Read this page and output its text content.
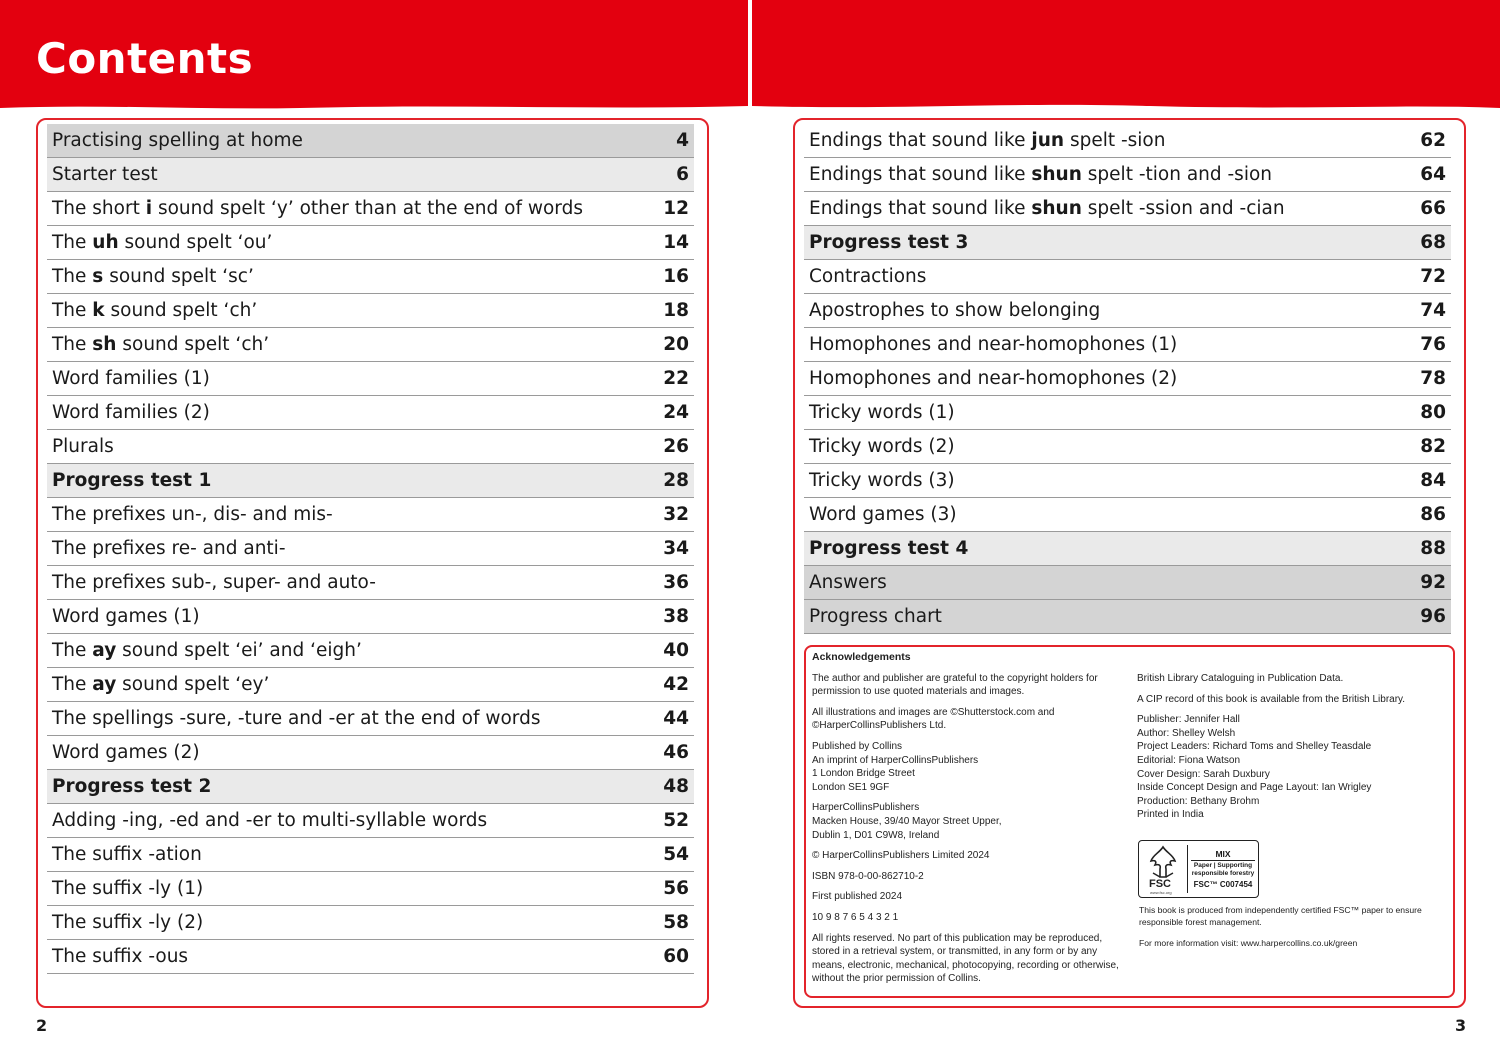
Contents
Practising spelling at home	4
Starter test	6
The short i sound spelt ‘y’ other than at the end of words	12
The uh sound spelt ‘ou’	14
The s sound spelt ‘sc’	16
The k sound spelt ‘ch’	18
The sh sound spelt ‘ch’	20
Word families (1)	22
Word families (2)	24
Plurals	26
Progress test 1	28
The prefixes un-, dis- and mis-	32
The prefixes re- and anti-	34
The prefixes sub-, super- and auto-	36
Word games (1)	38
The ay sound spelt ‘ei’ and ‘eigh’	40
The ay sound spelt ‘ey’	42
The spellings -sure, -ture and -er at the end of words	44
Word games (2)	46
Progress test 2	48
Adding -ing, -ed and -er to multi-syllable words	52
The suffix -ation	54
The suffix -ly (1)	56
The suffix -ly (2)	58
The suffix -ous	60
Endings that sound like jun spelt -sion	62
Endings that sound like shun spelt -tion and -sion	64
Endings that sound like shun spelt -ssion and -cian	66
Progress test 3	68
Contractions	72
Apostrophes to show belonging	74
Homophones and near-homophones (1)	76
Homophones and near-homophones (2)	78
Tricky words (1)	80
Tricky words (2)	82
Tricky words (3)	84
Word games (3)	86
Progress test 4	88
Answers	92
Progress chart	96
Acknowledgements
The author and publisher are grateful to the copyright holders for permission to use quoted materials and images.
All illustrations and images are ©Shutterstock.com and ©HarperCollinsPublishers Ltd.
Published by Collins
An imprint of HarperCollinsPublishers
1 London Bridge Street
London SE1 9GF
HarperCollinsPublishers
Macken House, 39/40 Mayor Street Upper,
Dublin 1, D01 C9W8, Ireland
© HarperCollinsPublishers Limited 2024
ISBN 978-0-00-862710-2
First published 2024
10 9 8 7 6 5 4 3 2 1
All rights reserved. No part of this publication may be reproduced, stored in a retrieval system, or transmitted, in any form or by any means, electronic, mechanical, photocopying, recording or otherwise, without the prior permission of Collins.
British Library Cataloguing in Publication Data.
A CIP record of this book is available from the British Library.
Publisher: Jennifer Hall
Author: Shelley Welsh
Project Leaders: Richard Toms and Shelley Teasdale
Editorial: Fiona Watson
Cover Design: Sarah Duxbury
Inside Concept Design and Page Layout: Ian Wrigley
Production: Bethany Brohm
Printed in India
FSC
www.fsc.org
MIX
Paper | Supporting
responsible forestry
FSC™ C007454
This book is produced from independently certified FSC™ paper to ensure responsible forest management.
For more information visit: www.harpercollins.co.uk/green
2	3
